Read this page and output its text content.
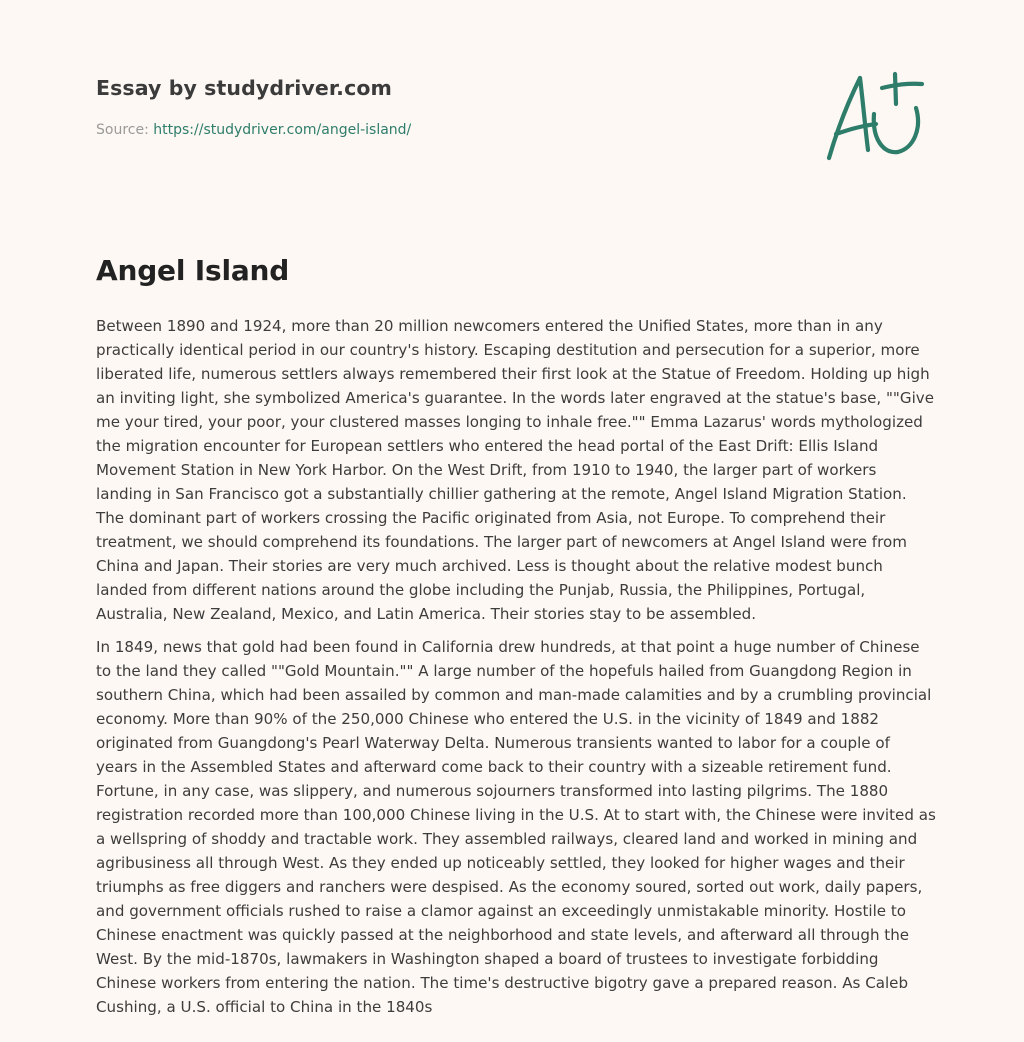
Essay by studydriver.com
Source: https://studydriver.com/angel-island/
Angel Island

Between 1890 and 1924, more than 20 million newcomers entered the Unified States, more than in any practically identical period in our country's history. Escaping destitution and persecution for a superior, more liberated life, numerous settlers always remembered their first look at the Statue of Freedom. Holding up high an inviting light, she symbolized America's guarantee. In the words later engraved at the statue's base, ""Give me your tired, your poor, your clustered masses longing to inhale free."" Emma Lazarus' words mythologized the migration encounter for European settlers who entered the head portal of the East Drift: Ellis Island Movement Station in New York Harbor. On the West Drift, from 1910 to 1940, the larger part of workers landing in San Francisco got a substantially chillier gathering at the remote, Angel Island Migration Station. The dominant part of workers crossing the Pacific originated from Asia, not Europe. To comprehend their treatment, we should comprehend its foundations. The larger part of newcomers at Angel Island were from China and Japan. Their stories are very much archived. Less is thought about the relative modest bunch landed from different nations around the globe including the Punjab, Russia, the Philippines, Portugal, Australia, New Zealand, Mexico, and Latin America. Their stories stay to be assembled.

In 1849, news that gold had been found in California drew hundreds, at that point a huge number of Chinese to the land they called ""Gold Mountain."" A large number of the hopefuls hailed from Guangdong Region in southern China, which had been assailed by common and man-made calamities and by a crumbling provincial economy. More than 90% of the 250,000 Chinese who entered the U.S. in the vicinity of 1849 and 1882 originated from Guangdong's Pearl Waterway Delta. Numerous transients wanted to labor for a couple of years in the Assembled States and afterward come back to their country with a sizeable retirement fund. Fortune, in any case, was slippery, and numerous sojourners transformed into lasting pilgrims. The 1880 registration recorded more than 100,000 Chinese living in the U.S. At to start with, the Chinese were invited as a wellspring of shoddy and tractable work. They assembled railways, cleared land and worked in mining and agribusiness all through West. As they ended up noticeably settled, they looked for higher wages and their triumphs as free diggers and ranchers were despised. As the economy soured, sorted out work, daily papers, and government officials rushed to raise a clamor against an exceedingly unmistakable minority. Hostile to Chinese enactment was quickly passed at the neighborhood and state levels, and afterward all through the West. By the mid-1870s, lawmakers in Washington shaped a board of trustees to investigate forbidding Chinese workers from entering the nation. The time's destructive bigotry gave a prepared reason. As Caleb Cushing, a U.S. official to China in the 1840s
